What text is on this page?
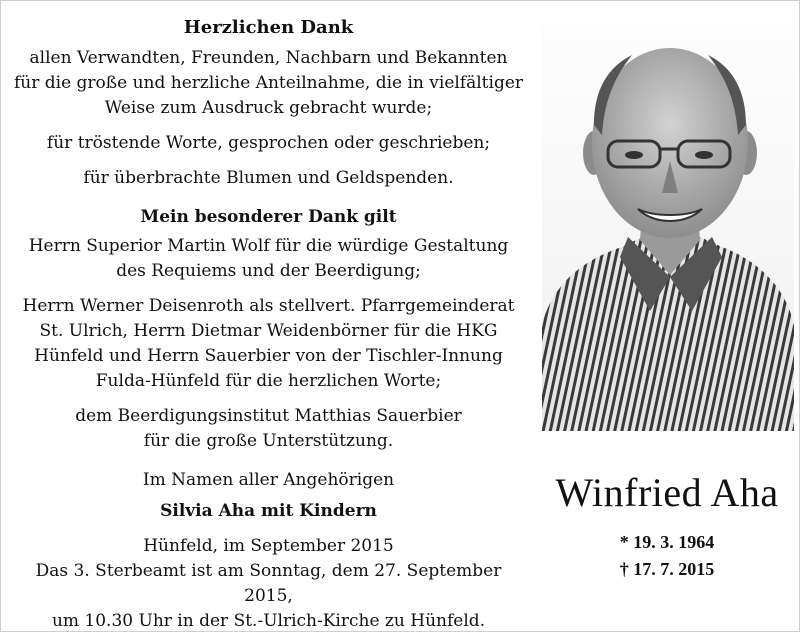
Herzlichen Dank
allen Verwandten, Freunden, Nachbarn und Bekannten
für die große und herzliche Anteilnahme, die in vielfältiger
Weise zum Ausdruck gebracht wurde;
für tröstende Worte, gesprochen oder geschrieben;
für überbrachte Blumen und Geldspenden.
Mein besonderer Dank gilt
Herrn Superior Martin Wolf für die würdige Gestaltung
des Requiems und der Beerdigung;
Herrn Werner Deisenroth als stellvert. Pfarrgemeinderat
St. Ulrich, Herrn Dietmar Weidenbörner für die HKG
Hünfeld und Herrn Sauerbier von der Tischler-Innung
Fulda-Hünfeld für die herzlichen Worte;
dem Beerdigungsinstitut Matthias Sauerbier
für die große Unterstützung.
Im Namen aller Angehörigen
Silvia Aha mit Kindern
Hünfeld, im September 2015
Das 3. Sterbeamt ist am Sonntag, dem 27. September 2015,
um 10.30 Uhr in der St.-Ulrich-Kirche zu Hünfeld.
Winfried Aha
* 19. 3. 1964
† 17. 7. 2015
